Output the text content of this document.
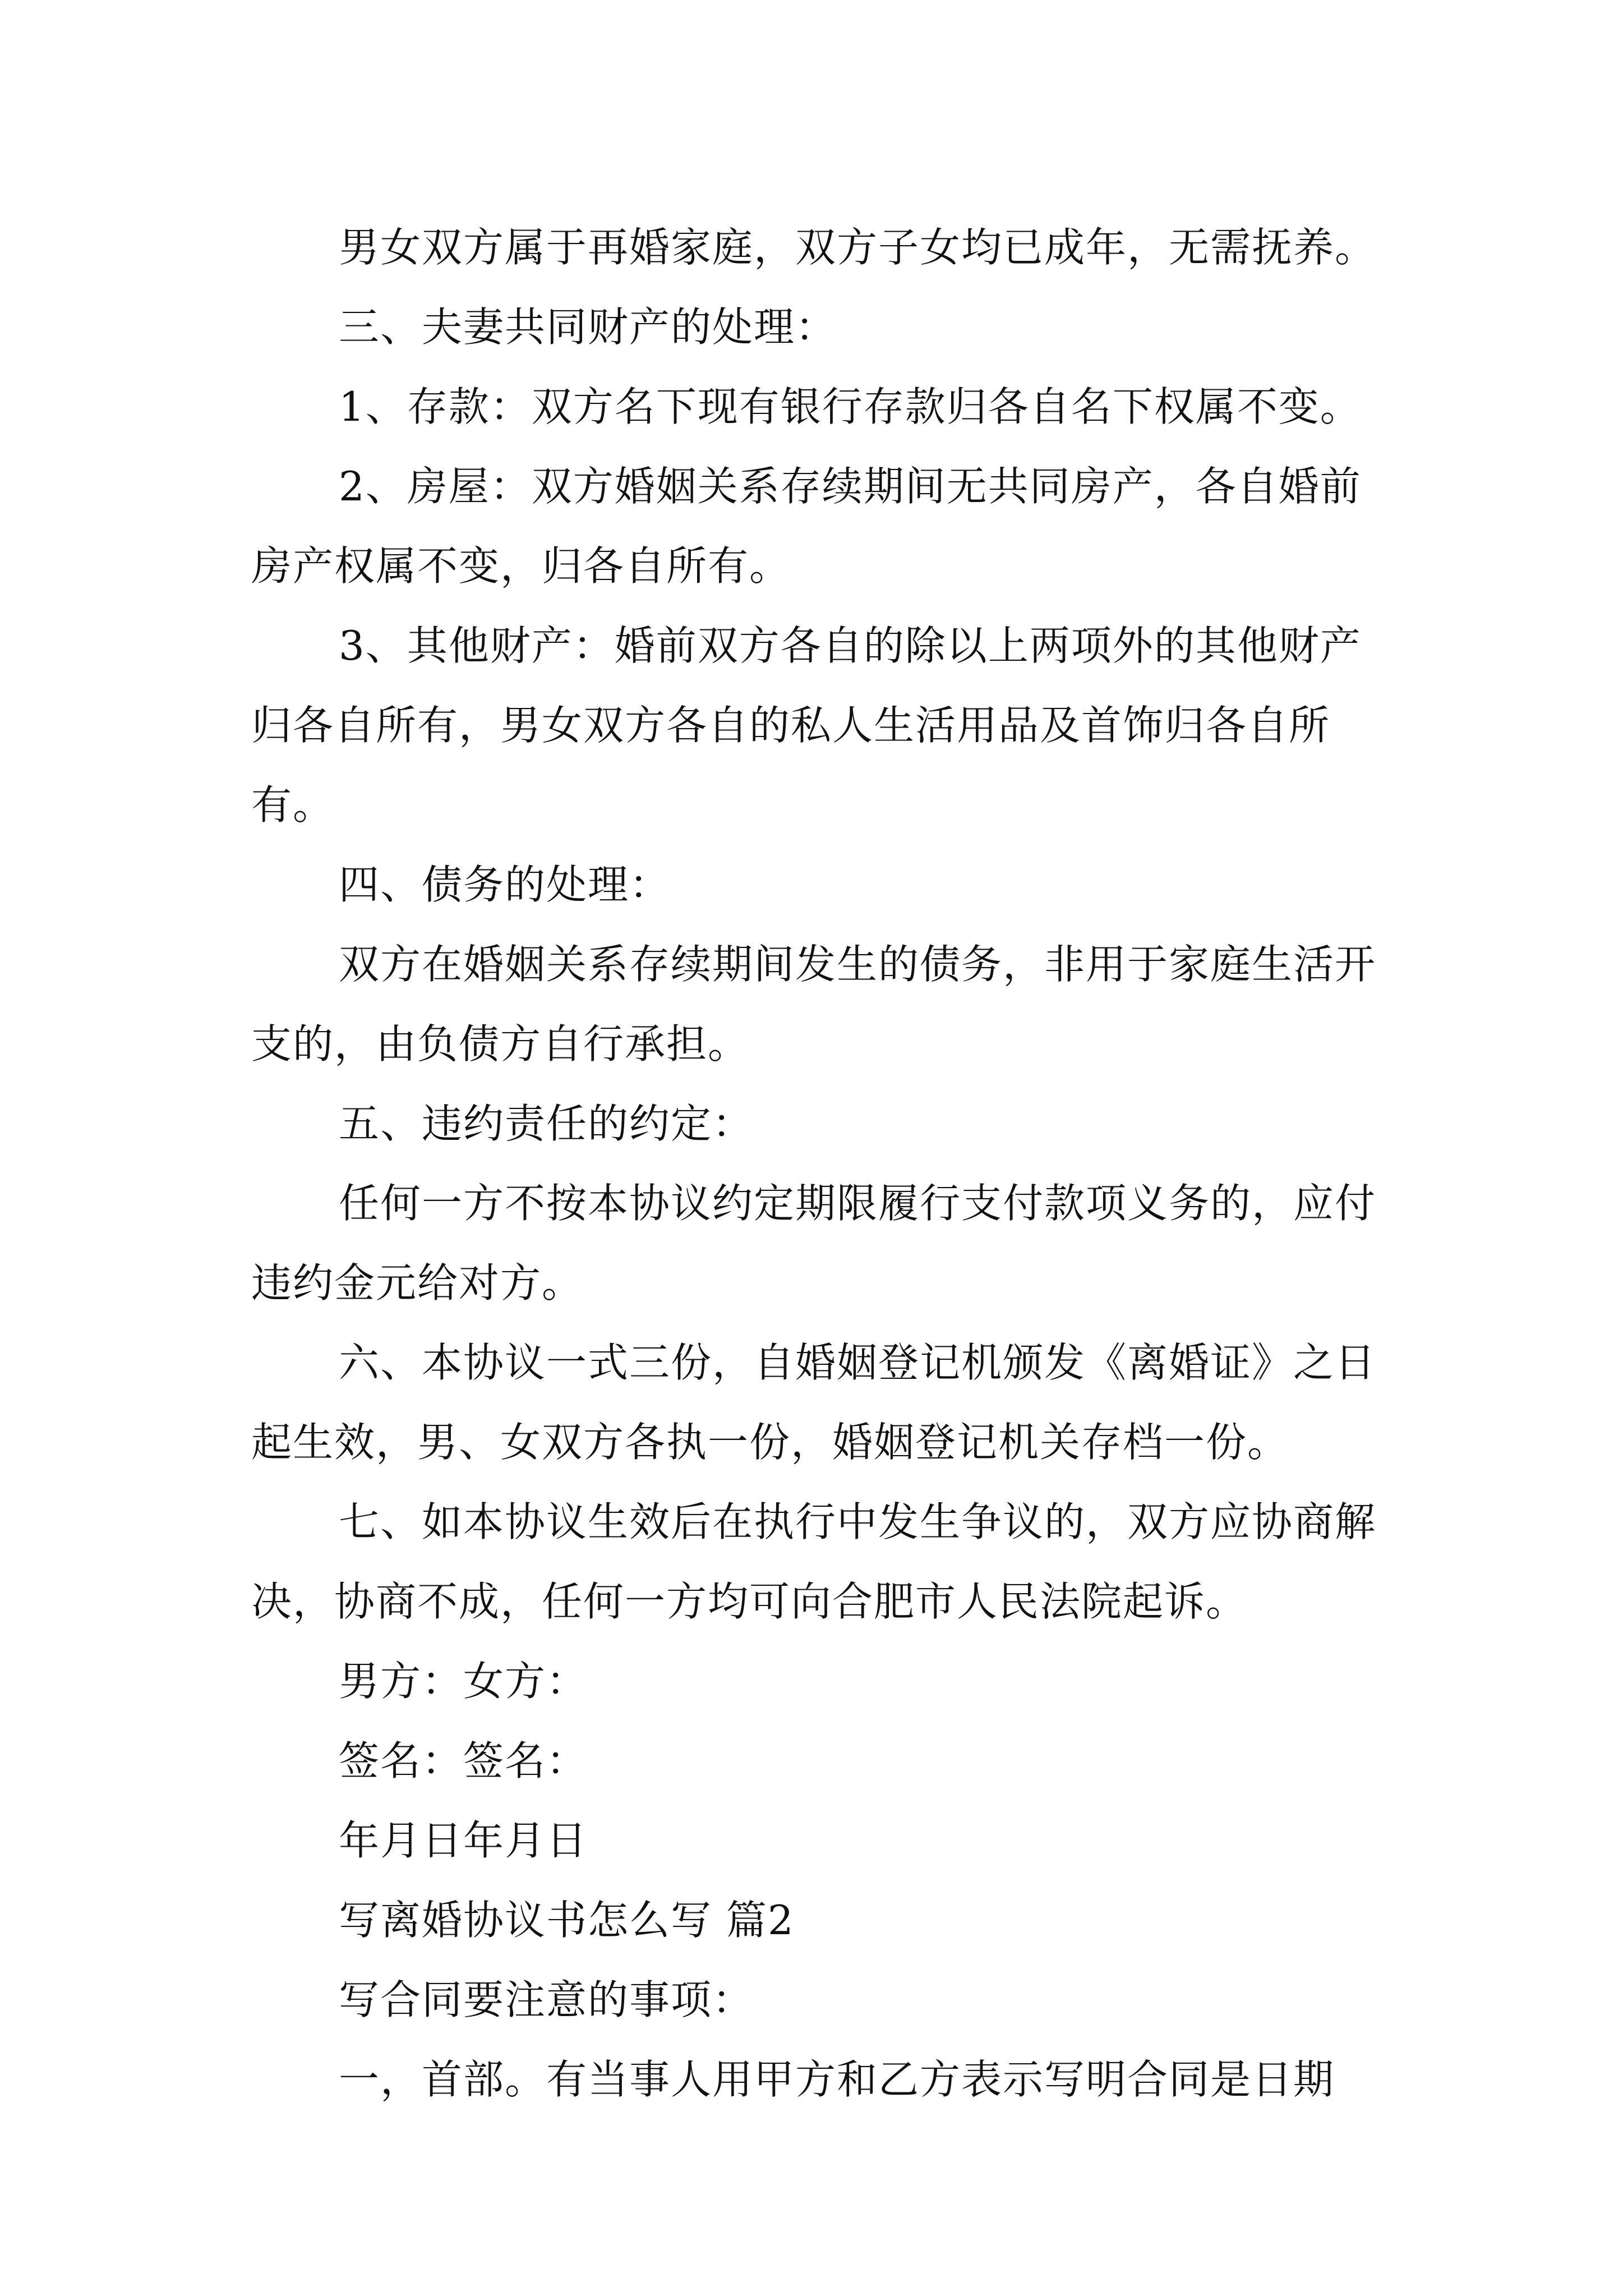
男女双方属于再婚家庭，双方子女均已成年，无需抚养。

三、夫妻共同财产的处理：

1、存款：双方名下现有银行存款归各自名下权属不变。

2、房屋：双方婚姻关系存续期间无共同房产，各自婚前房产权属不变，归各自所有。

3、其他财产：婚前双方各自的除以上两项外的其他财产归各自所有，男女双方各自的私人生活用品及首饰归各自所有。

四、债务的处理：

双方在婚姻关系存续期间发生的债务，非用于家庭生活开支的，由负债方自行承担。

五、违约责任的约定：

任何一方不按本协议约定期限履行支付款项义务的，应付违约金元给对方。

六、本协议一式三份，自婚姻登记机颁发《离婚证》之日起生效，男、女双方各执一份，婚姻登记机关存档一份。

七、如本协议生效后在执行中发生争议的，双方应协商解决，协商不成，任何一方均可向合肥市人民法院起诉。

男方：女方：

签名：签名：

年月日年月日

写离婚协议书怎么写 篇2

写合同要注意的事项：

一，首部。有当事人用甲方和乙方表示写明合同是日期
